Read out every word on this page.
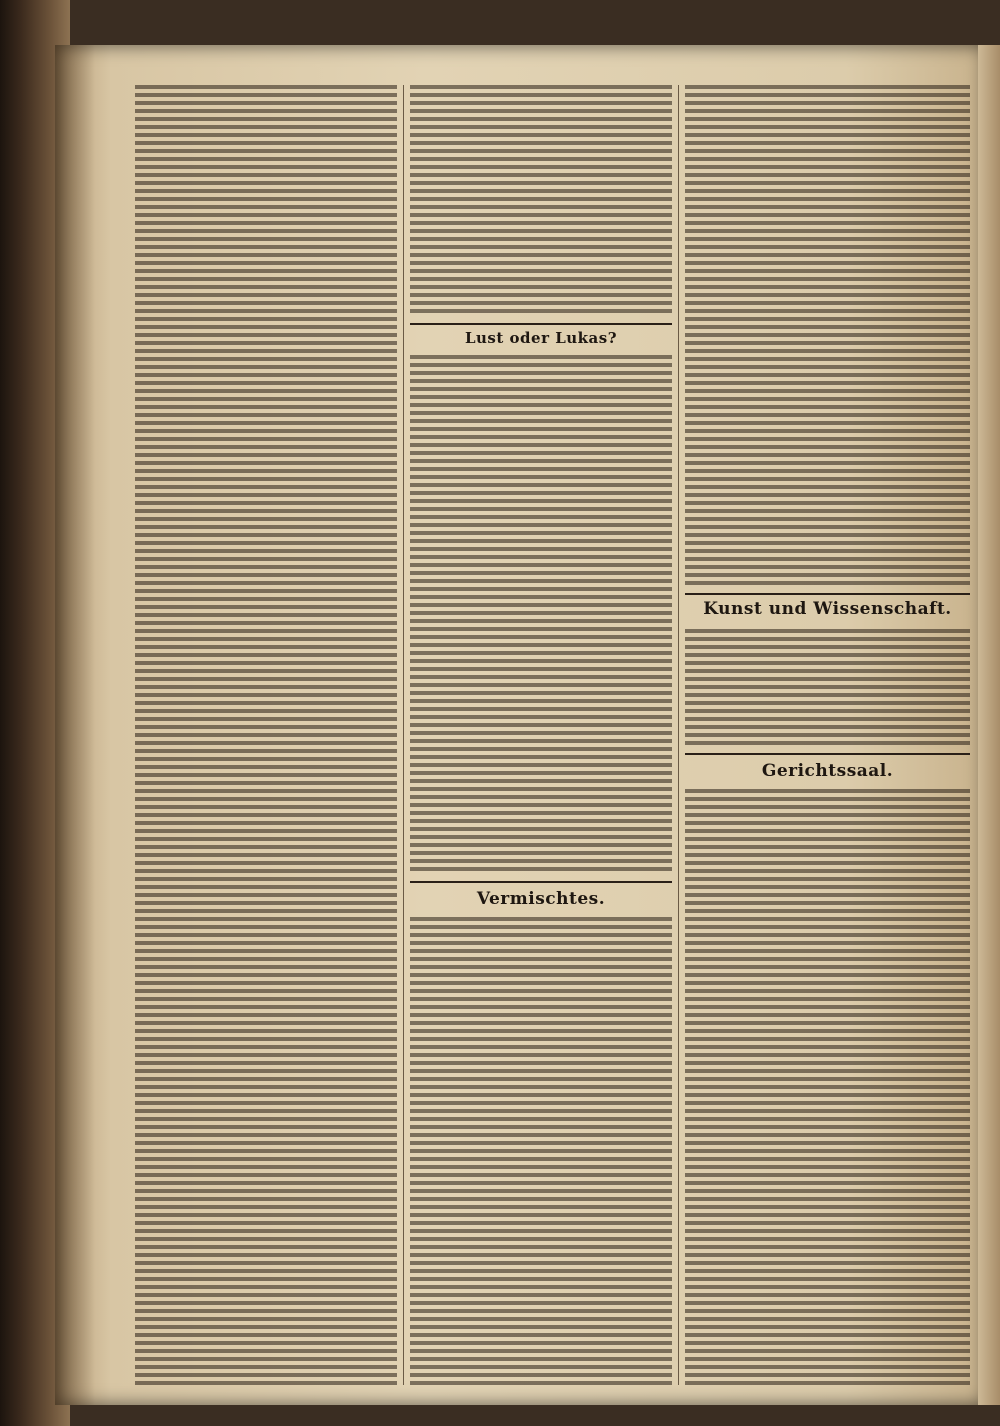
Lust oder Lukas?
Vermischtes.
Kunst und Wissenschaft.
Gerichtssaal.
